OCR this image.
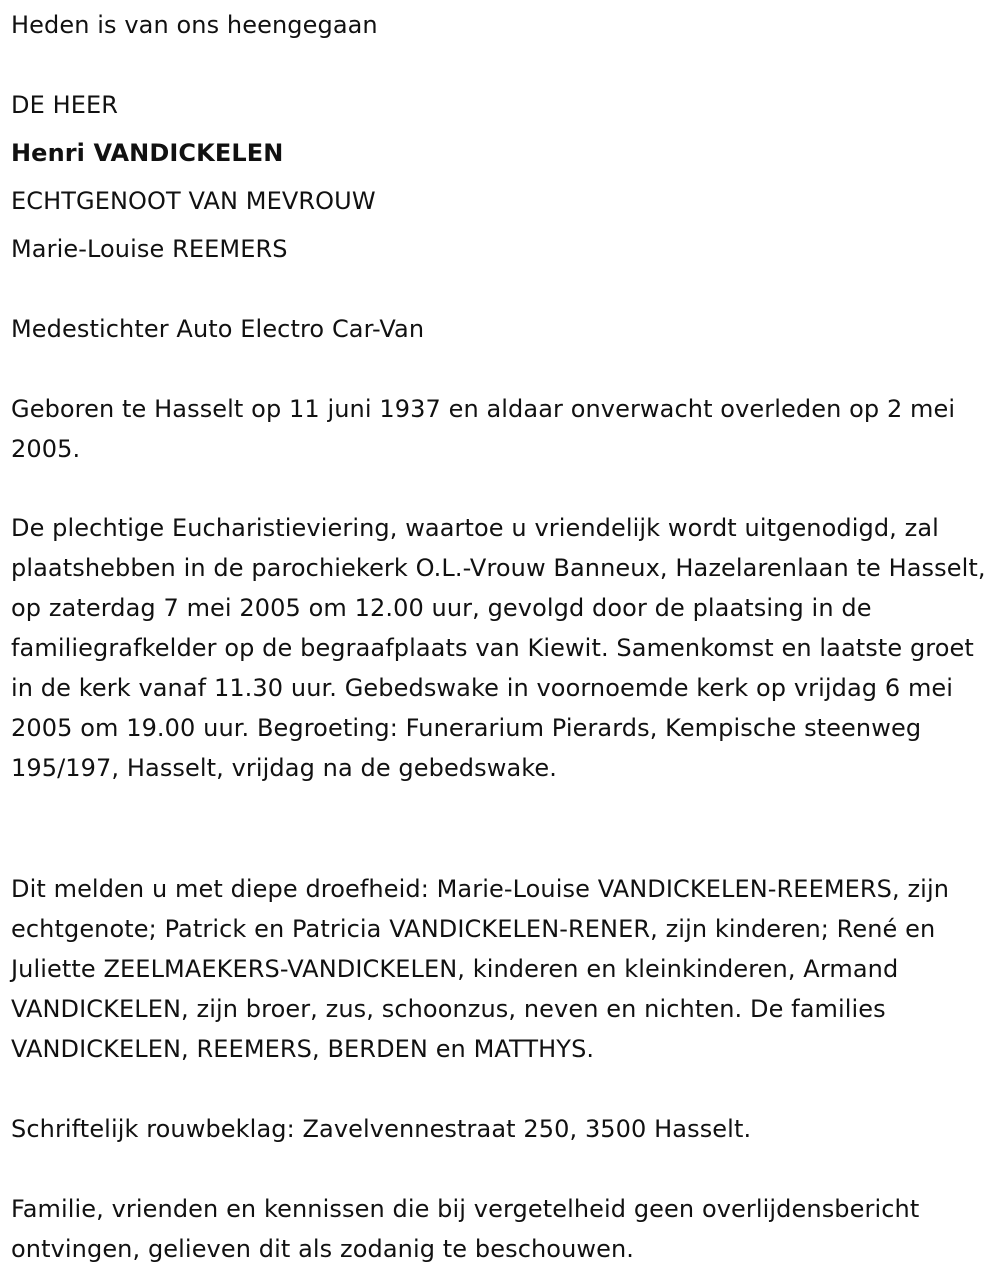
Heden is van ons heengegaan

DE HEER

Henri VANDICKELEN

ECHTGENOOT VAN MEVROUW

Marie-Louise REEMERS

Medestichter Auto Electro Car-Van

Geboren te Hasselt op 11 juni 1937 en aldaar onverwacht overleden op 2 mei 2005.

De plechtige Eucharistieviering, waartoe u vriendelijk wordt uitgenodigd, zal plaatshebben in de parochiekerk O.L.-Vrouw Banneux, Hazelarenlaan te Hasselt, op zaterdag 7 mei 2005 om 12.00 uur, gevolgd door de plaatsing in de familiegrafkelder op de begraafplaats van Kiewit. Samenkomst en laatste groet in de kerk vanaf 11.30 uur. Gebedswake in voornoemde kerk op vrijdag 6 mei 2005 om 19.00 uur. Begroeting: Funerarium Pierards, Kempische steenweg 195/197, Hasselt, vrijdag na de gebedswake.

Dit melden u met diepe droefheid: Marie-Louise VANDICKELEN-REEMERS, zijn echtgenote; Patrick en Patricia VANDICKELEN-RENER, zijn kinderen; René en Juliette ZEELMAEKERS-VANDICKELEN, kinderen en kleinkinderen, Armand VANDICKELEN, zijn broer, zus, schoonzus, neven en nichten. De families VANDICKELEN, REEMERS, BERDEN en MATTHYS.

Schriftelijk rouwbeklag: Zavelvennestraat 250, 3500 Hasselt.

Familie, vrienden en kennissen die bij vergetelheid geen overlijdensbericht ontvingen, gelieven dit als zodanig te beschouwen.
